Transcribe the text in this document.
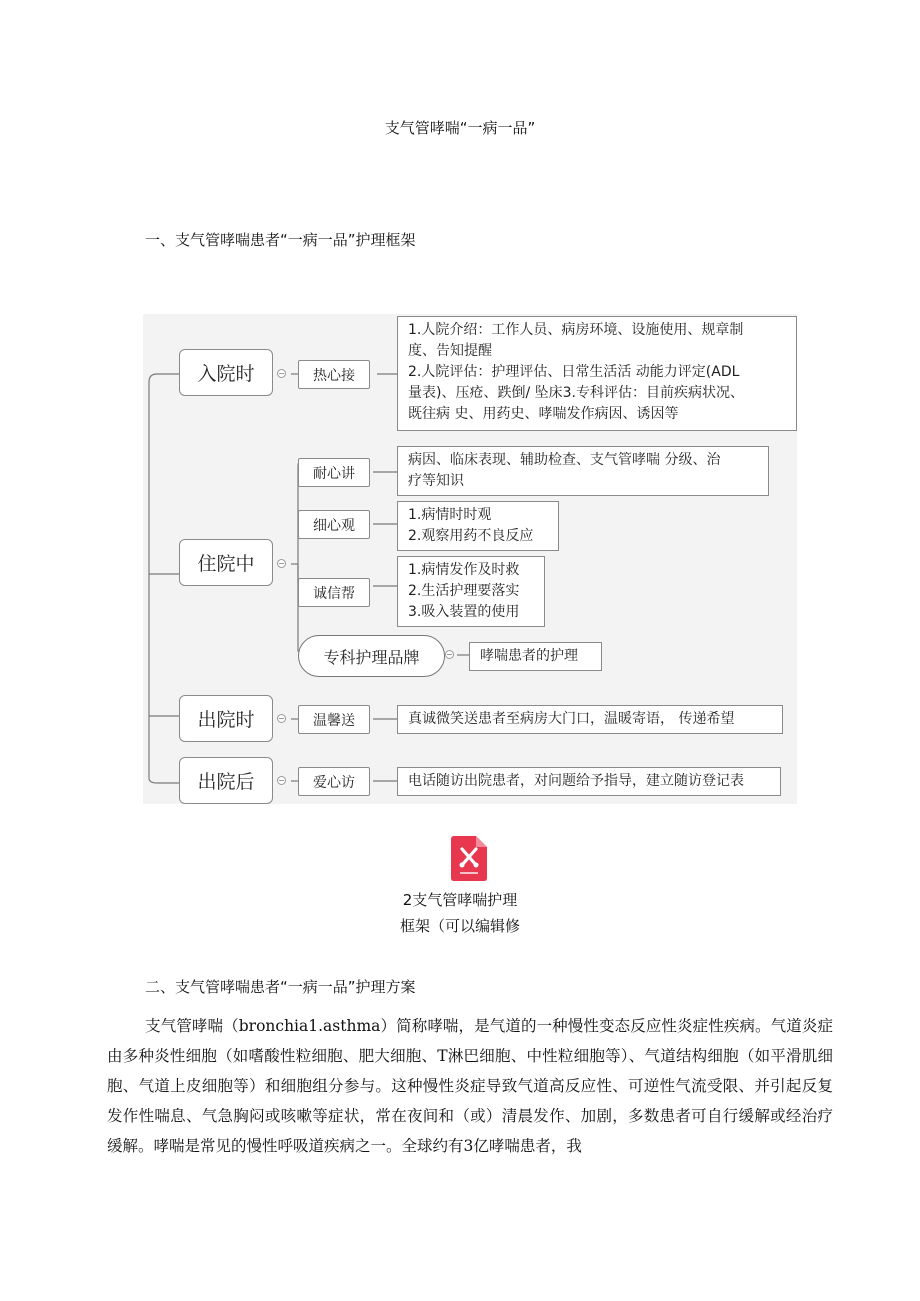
支气管哮喘“一病一品”
一、支气管哮喘患者“一病一品”护理框架
入院时
住院中
出院时
出院后
热心接
耐心讲
细心观
诚信帮
专科护理品牌
温馨送
爱心访
1.人院介绍：工作人员、病房环境、设施使用、规章制
度、告知提醒
2.人院评估：护理评估、日常生活活 动能力评定(ADL
量表)、压疮、跌倒/ 坠床3.专科评估：目前疾病状况、
既往病 史、用药史、哮喘发作病因、诱因等
病因、临床表现、辅助检查、支气管哮喘 分级、治
疗等知识
1.病情时时观
2.观察用药不良反应
1.病情发作及时救
2.生活护理要落实
3.吸入装置的使用
哮喘患者的护理
真诚微笑送患者至病房大门口，温暖寄语， 传递希望
电话随访出院患者，对问题给予指导，建立随访登记表
2支气管哮喘护理
框架（可以编辑修
二、支气管哮喘患者“一病一品”护理方案
支气管哮喘（bronchia1.asthma）简称哮喘，是气道的一种慢性变态反应性炎症性疾病。气道炎症由多种炎性细胞（如嗜酸性粒细胞、肥大细胞、T淋巴细胞、中性粒细胞等）、气道结构细胞（如平滑肌细胞、气道上皮细胞等）和细胞组分参与。这种慢性炎症导致气道高反应性、可逆性气流受限、并引起反复发作性喘息、气急胸闷或咳嗽等症状，常在夜间和（或）清晨发作、加剧，多数患者可自行缓解或经治疗缓解。哮喘是常见的慢性呼吸道疾病之一。全球约有3亿哮喘患者，我
